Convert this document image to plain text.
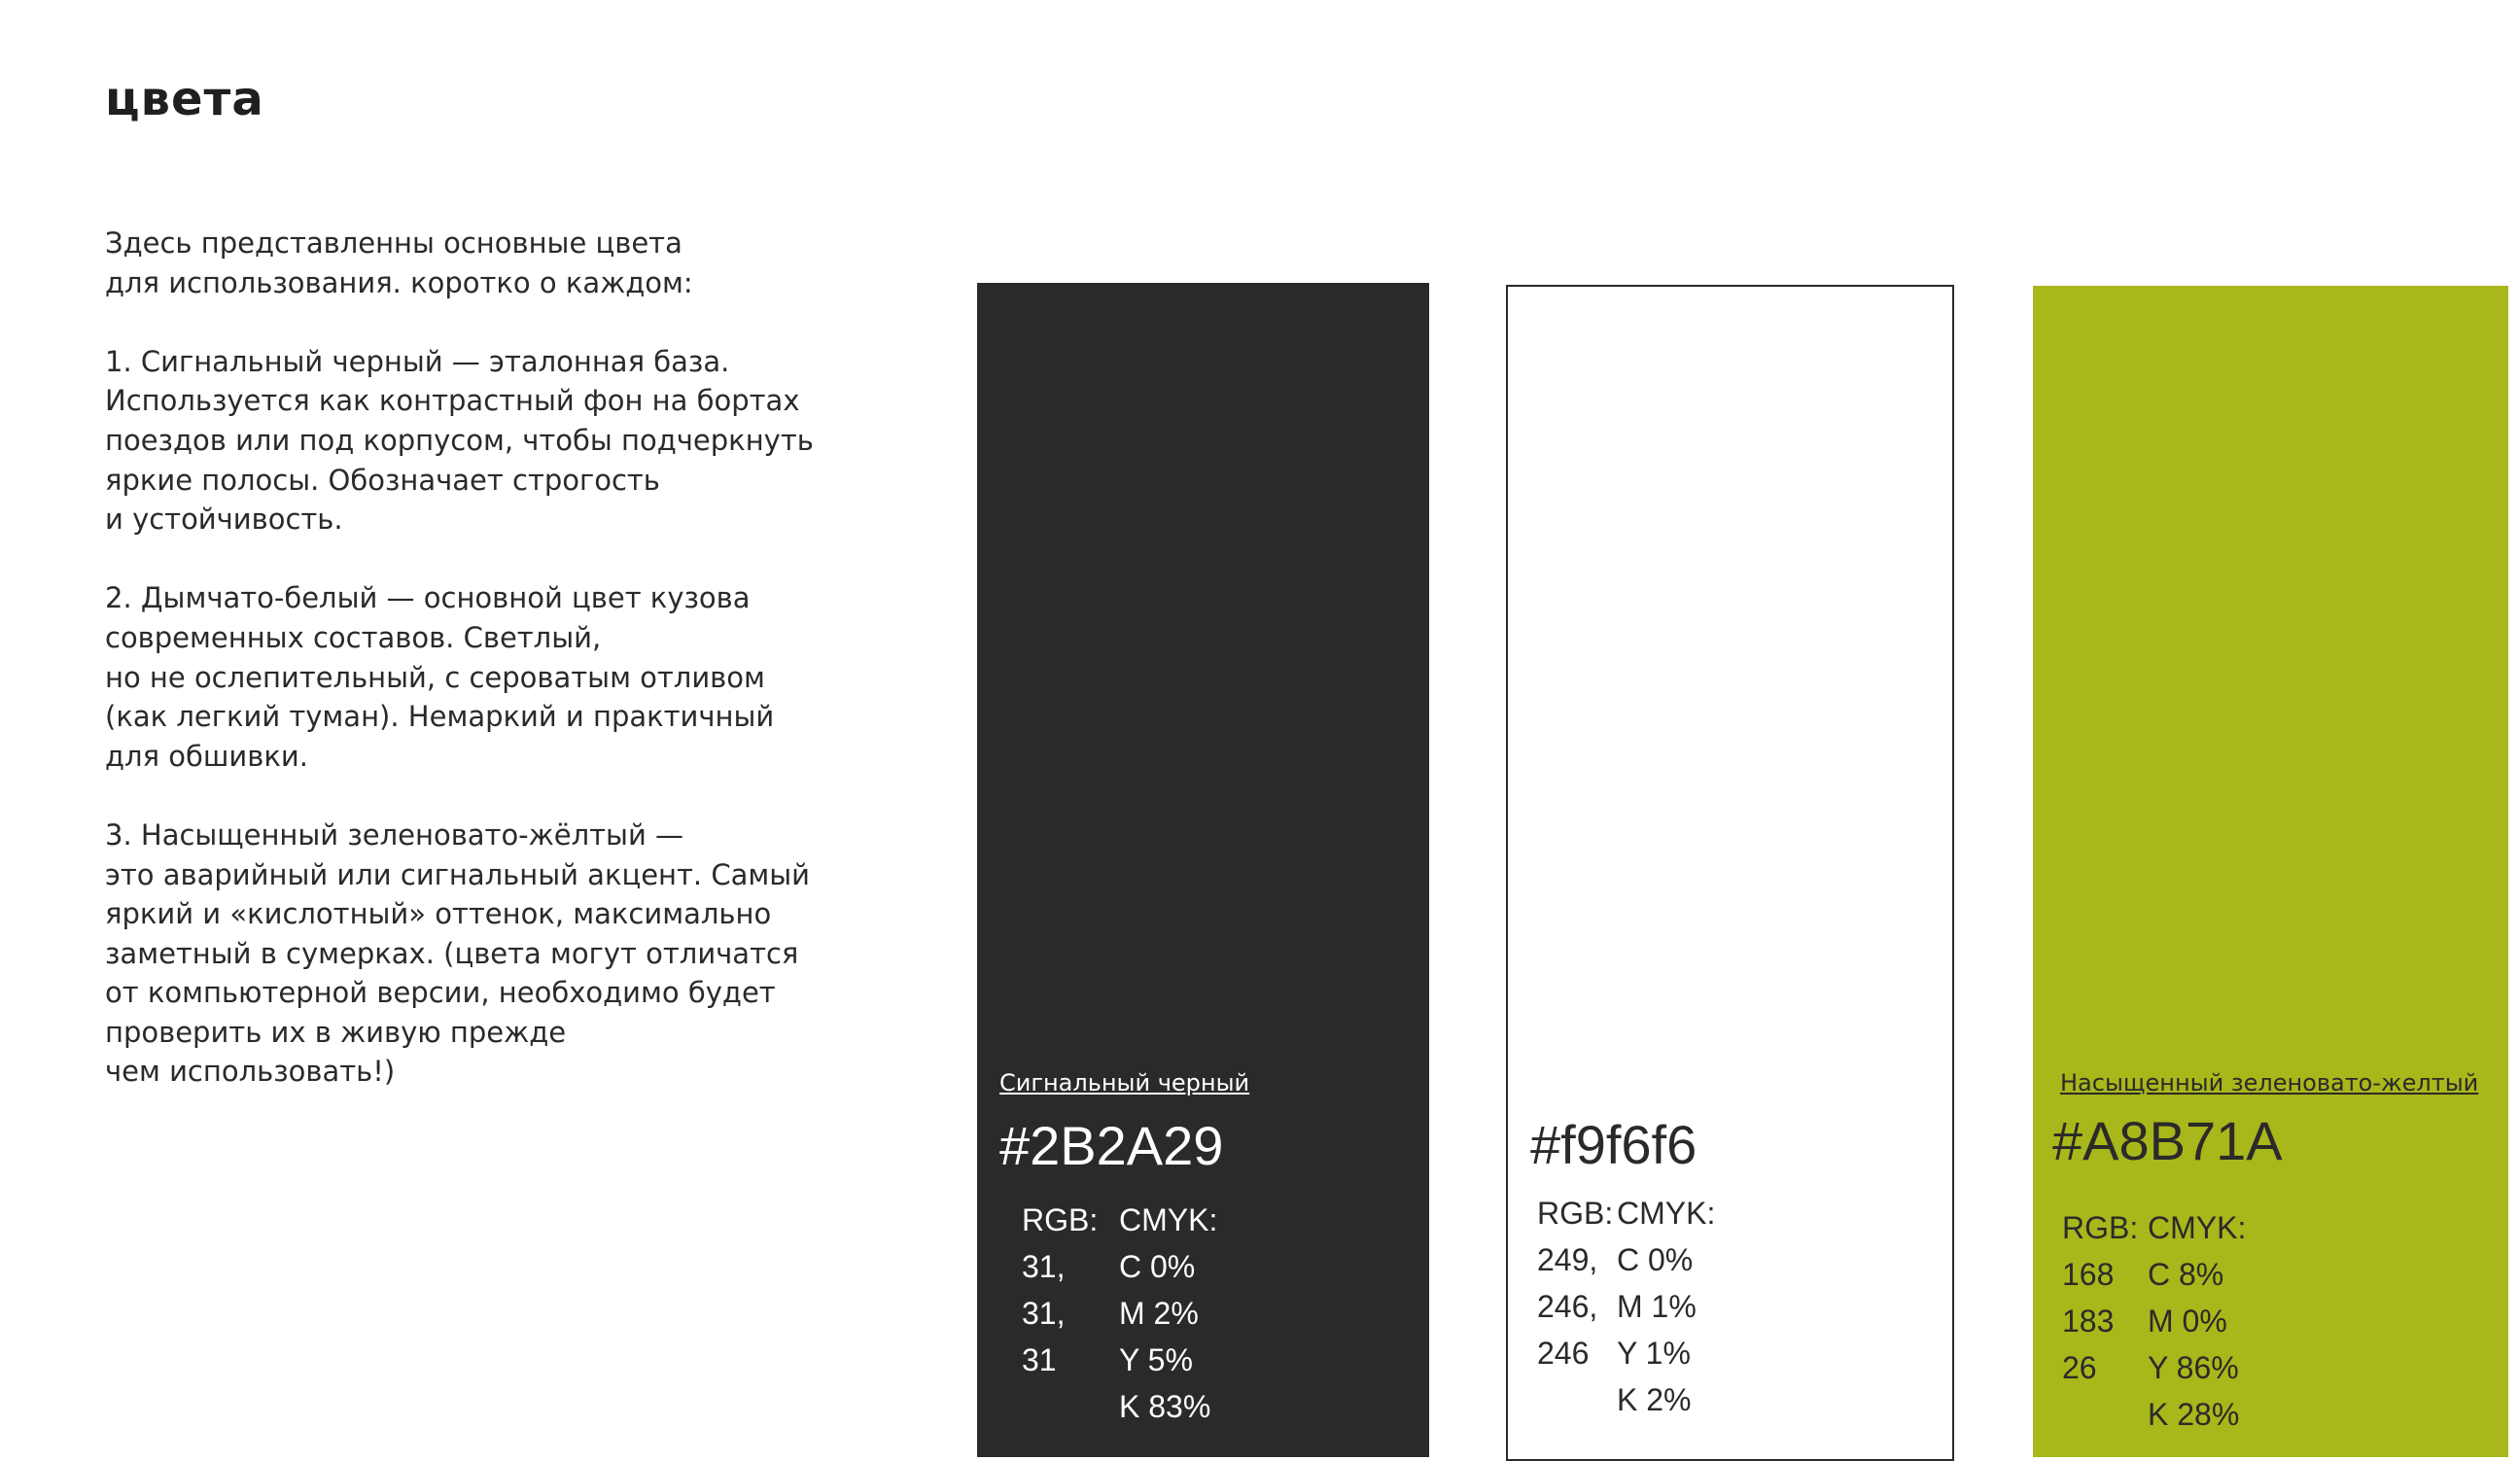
цвета

Здесь представленны основные цвета
для использования. коротко о каждом:

1. Сигнальный черный — эталонная база.
Используется как контрастный фон на бортах
поездов или под корпусом, чтобы подчеркнуть
яркие полосы. Обозначает строгость
и устойчивость.

2. Дымчато-белый — основной цвет кузова
современных составов. Светлый,
но не ослепительный, с сероватым отливом
(как легкий туман). Немаркий и практичный
для обшивки.

3. Насыщенный зеленовато-жёлтый —
это аварийный или сигнальный акцент. Самый
яркий и «кислотный» оттенок, максимально
заметный в сумерках. (цвета могут отличатся
от компьютерной версии, необходимо будет
проверить их в живую прежде
чем использовать!)	Сигнальный черный
#2B2A29
RGB:
31,
31,
31
CMYK:
C 0%
M 2%
Y 5%
K 83%
#f9f6f6
RGB:
249,
246,
246
CMYK:
C 0%
M 1%
Y 1%
K 2%
Насыщенный зеленовато-желтый
#A8B71A
RGB:
168
183
26
CMYK:
C 8%
M 0%
Y 86%
K 28%
